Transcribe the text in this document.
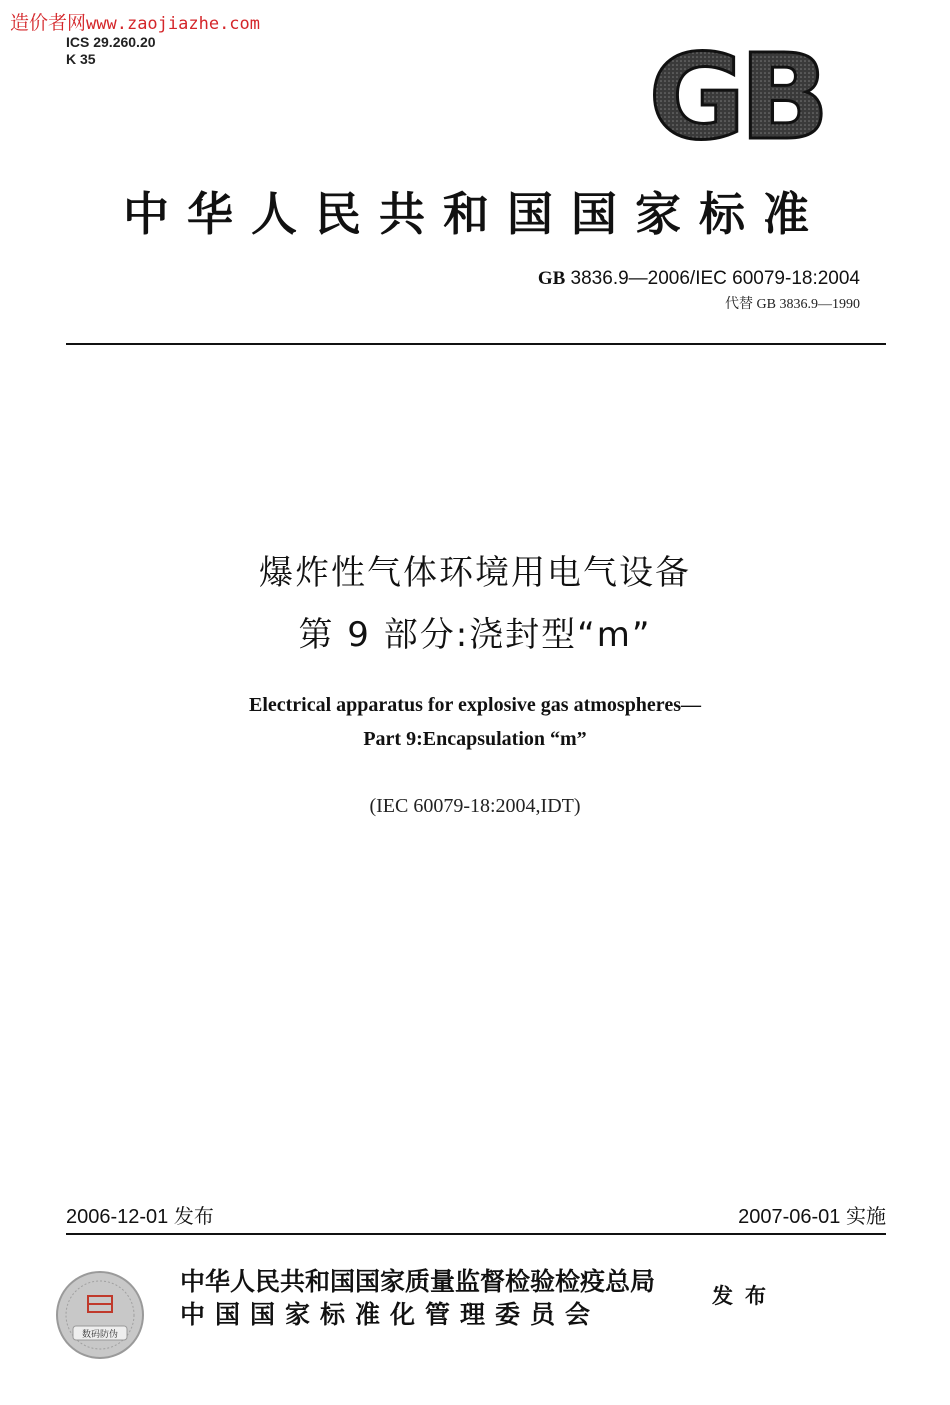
造价者网www.zaojiazhe.com
ICS 29.260.20
K 35	GB
中华人民共和国国家标准
GB 3836.9—2006/IEC 60079-18:2004
代替 GB 3836.9—1990
爆炸性气体环境用电气设备
第 9 部分:浇封型“m”
Electrical apparatus for explosive gas atmospheres—
Part 9:Encapsulation “m”
(IEC 60079-18:2004,IDT)
2006-12-01 发布	2007-06-01 实施
数码防伪
中华人民共和国国家质量监督检验检疫总局
中国国家标准化管理委员会
发布
